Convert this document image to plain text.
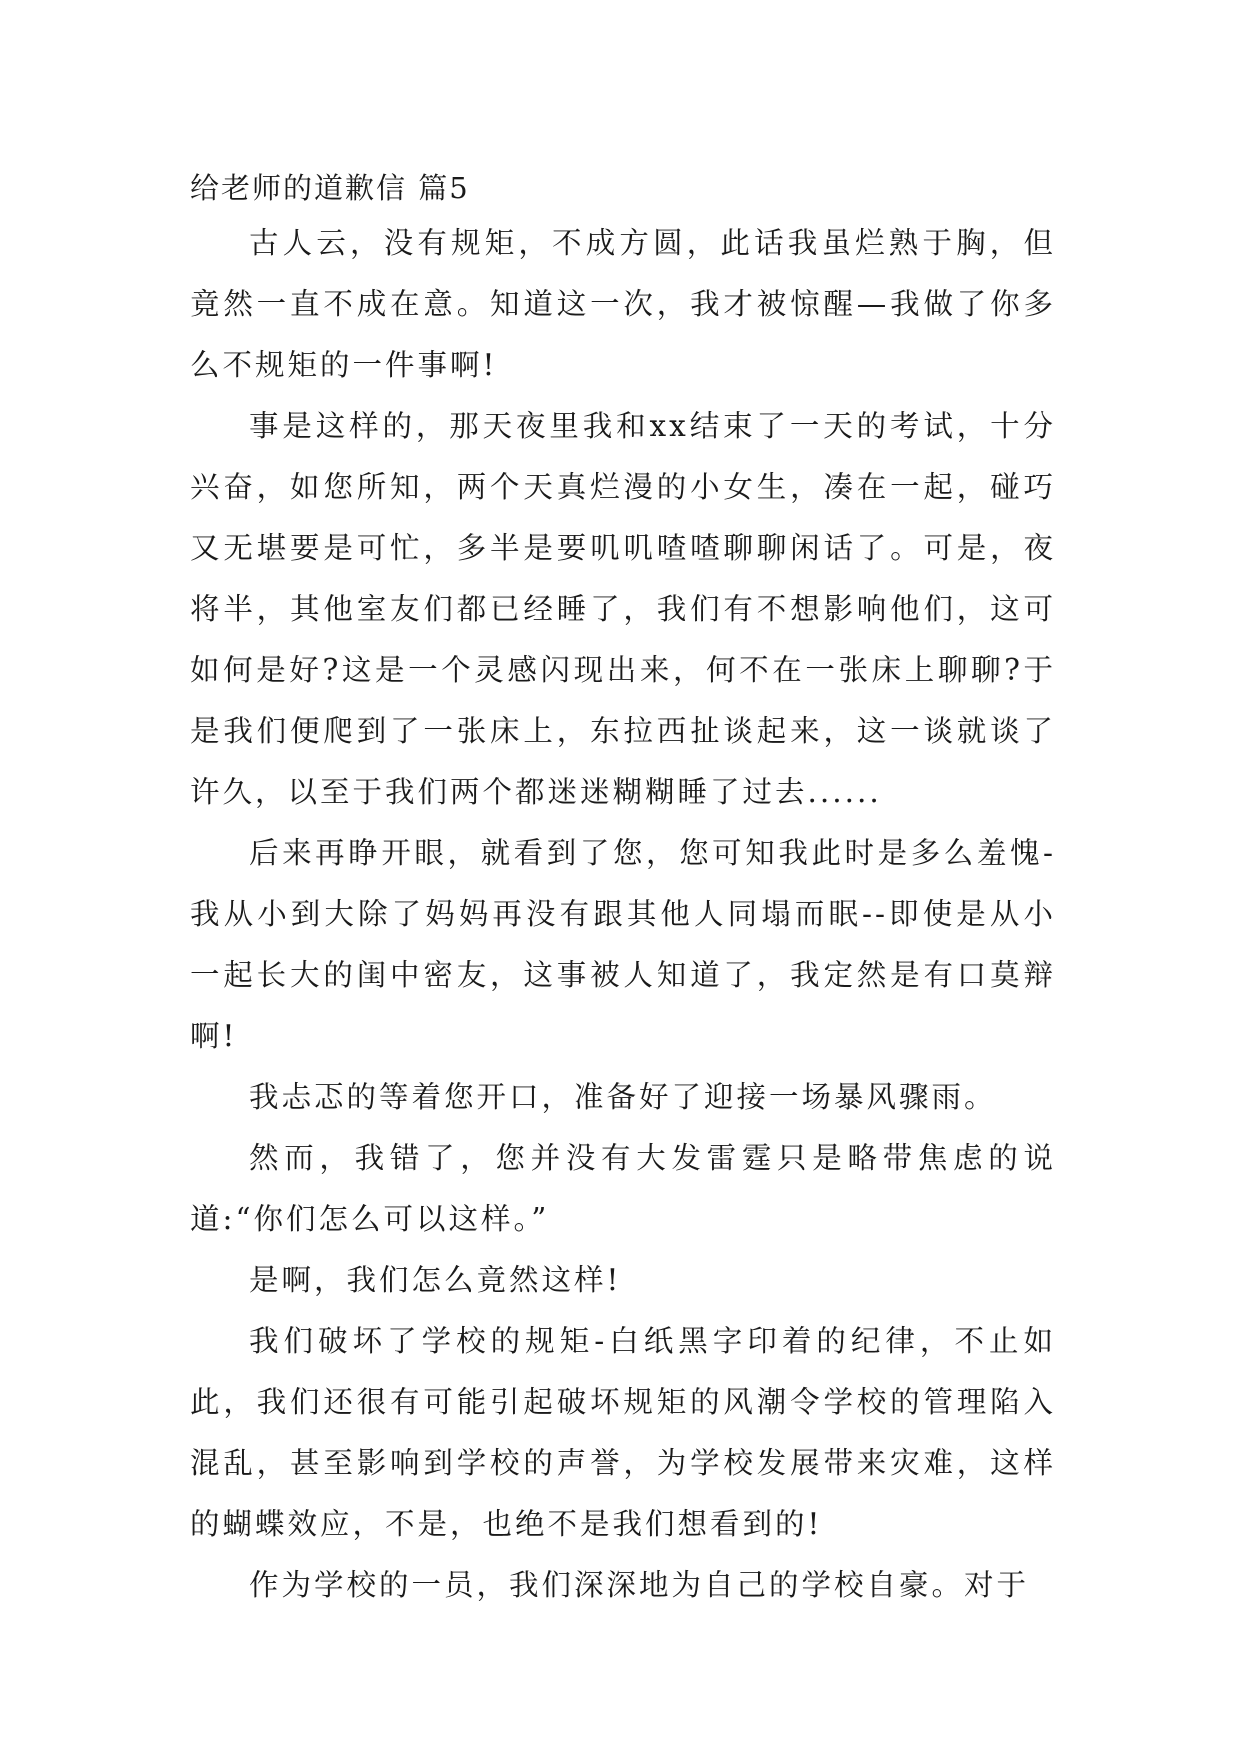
给老师的道歉信 篇5

古人云，没有规矩，不成方圆，此话我虽烂熟于胸，但竟然一直不成在意。知道这一次，我才被惊醒—我做了你多么不规矩的一件事啊!

事是这样的，那天夜里我和xx结束了一天的考试，十分兴奋，如您所知，两个天真烂漫的小女生，凑在一起，碰巧又无堪要是可忙，多半是要叽叽喳喳聊聊闲话了。可是，夜将半，其他室友们都已经睡了，我们有不想影响他们，这可如何是好?这是一个灵感闪现出来，何不在一张床上聊聊?于是我们便爬到了一张床上，东拉西扯谈起来，这一谈就谈了许久，以至于我们两个都迷迷糊糊睡了过去......

后来再睁开眼，就看到了您，您可知我此时是多么羞愧-我从小到大除了妈妈再没有跟其他人同塌而眠--即使是从小一起长大的闺中密友，这事被人知道了，我定然是有口莫辩啊!

我忐忑的等着您开口，准备好了迎接一场暴风骤雨。

然而，我错了，您并没有大发雷霆只是略带焦虑的说道:“你们怎么可以这样。”

是啊，我们怎么竟然这样!

我们破坏了学校的规矩-白纸黑字印着的纪律，不止如此，我们还很有可能引起破坏规矩的风潮令学校的管理陷入混乱，甚至影响到学校的声誉，为学校发展带来灾难，这样的蝴蝶效应，不是，也绝不是我们想看到的!

作为学校的一员，我们深深地为自己的学校自豪。对于
